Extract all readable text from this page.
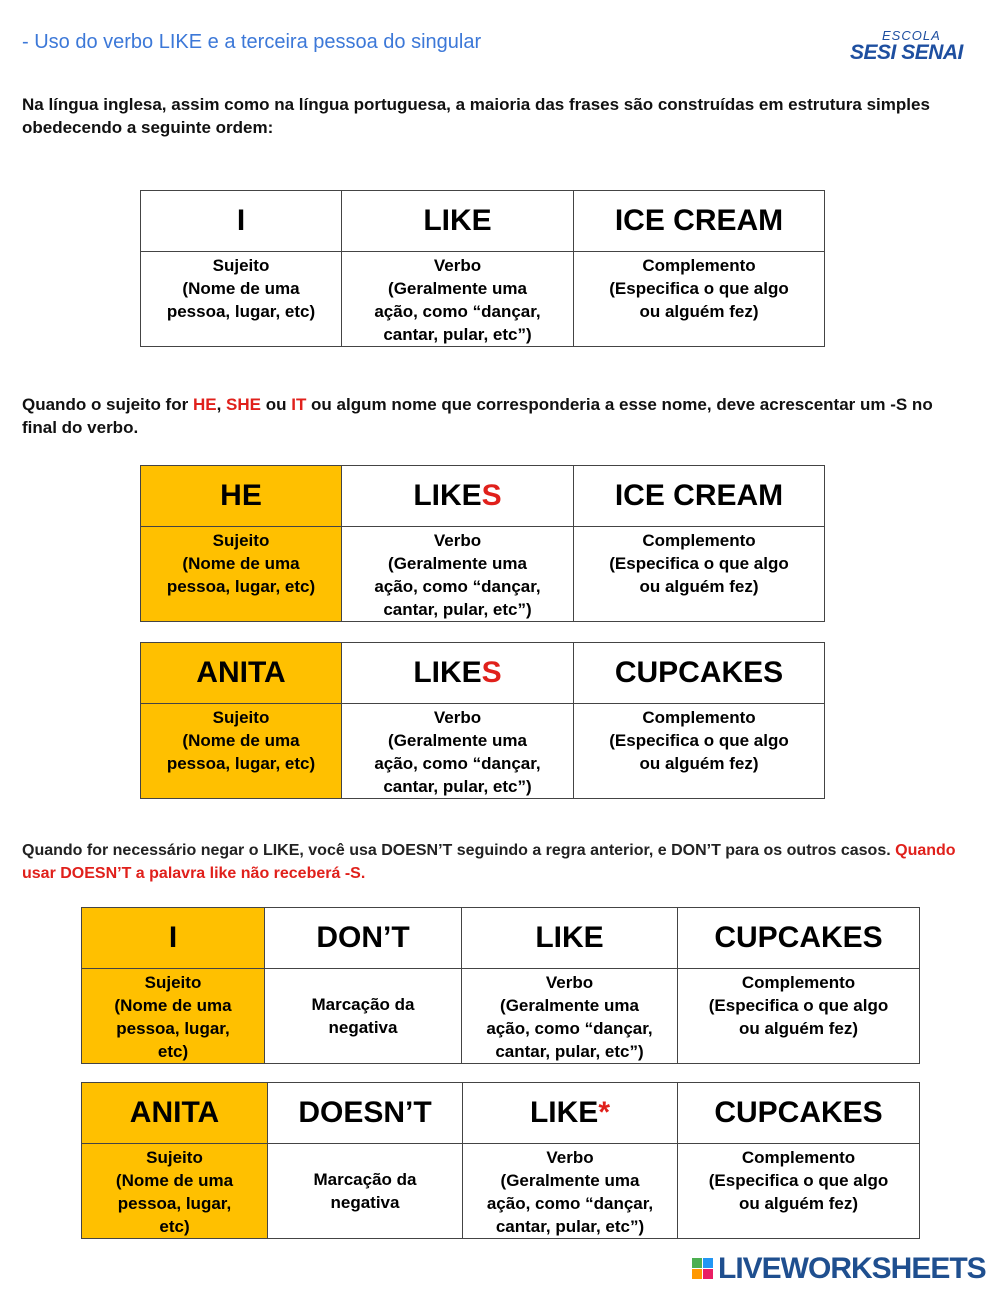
- Uso do verbo LIKE e a terceira pessoa do singular	ESCOLA
SESI SENAI
Na língua inglesa, assim como na língua portuguesa, a maioria das frases são construídas em estrutura simples obedecendo a seguinte ordem:
I	LIKE	ICE CREAM
Sujeito
(Nome de uma
pessoa, lugar, etc)	Verbo
(Geralmente uma
ação, como “dançar,
cantar, pular, etc”)	Complemento
(Especifica o que algo
ou alguém fez)
Quando o sujeito for HE, SHE ou IT ou algum nome que corresponderia a esse nome, deve acrescentar um -S no final do verbo.
HE	LIKES	ICE CREAM
Sujeito
(Nome de uma
pessoa, lugar, etc)	Verbo
(Geralmente uma
ação, como “dançar,
cantar, pular, etc”)	Complemento
(Especifica o que algo
ou alguém fez)
ANITA	LIKES	CUPCAKES
Sujeito
(Nome de uma
pessoa, lugar, etc)	Verbo
(Geralmente uma
ação, como “dançar,
cantar, pular, etc”)	Complemento
(Especifica o que algo
ou alguém fez)
Quando for necessário negar o LIKE, você usa DOESN’T seguindo a regra anterior, e DON’T para os outros casos. Quando usar DOESN’T a palavra like não receberá -S.
I	DON’T	LIKE	CUPCAKES
Sujeito
(Nome de uma
pessoa, lugar,
etc)	Marcação da
negativa	Verbo
(Geralmente uma
ação, como “dançar,
cantar, pular, etc”)	Complemento
(Especifica o que algo
ou alguém fez)
ANITA	DOESN’T	LIKE*	CUPCAKES
Sujeito
(Nome de uma
pessoa, lugar,
etc)	Marcação da
negativa	Verbo
(Geralmente uma
ação, como “dançar,
cantar, pular, etc”)	Complemento
(Especifica o que algo
ou alguém fez)
LIVEWORKSHEETS
